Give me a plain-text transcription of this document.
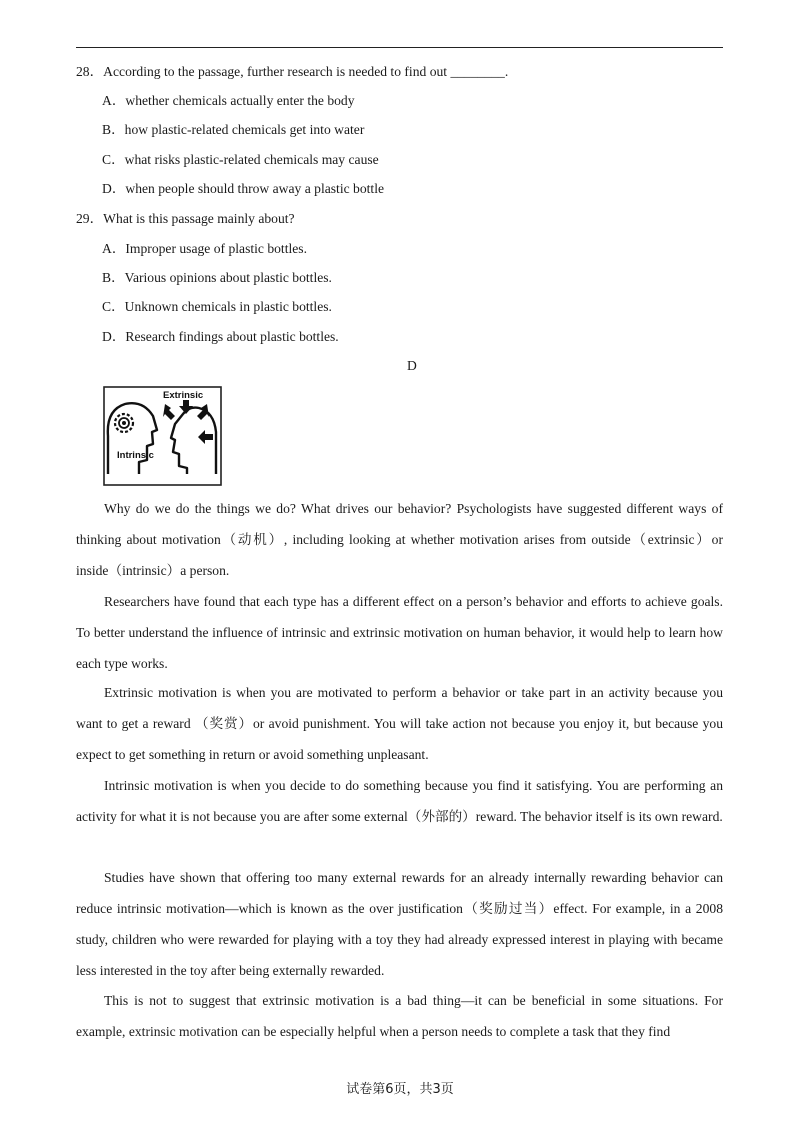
28．According to the passage, further research is needed to find out ________.
A．whether chemicals actually enter the body
B．how plastic-related chemicals get into water
C．what risks plastic-related chemicals may cause
D．when people should throw away a plastic bottle
29．What is this passage mainly about?
A．Improper usage of plastic bottles.
B．Various opinions about plastic bottles.
C．Unknown chemicals in plastic bottles.
D．Research findings about plastic bottles.
D
Extrinsic
Intrinsic

Why do we do the things we do? What drives our behavior? Psychologists have suggested different ways of thinking about motivation（动机）, including looking at whether motivation arises from outside（extrinsic）or inside（intrinsic）a person.

Researchers have found that each type has a different effect on a person’s behavior and efforts to achieve goals. To better understand the influence of intrinsic and extrinsic motivation on human behavior, it would help to learn how each type works.

Extrinsic motivation is when you are motivated to perform a behavior or take part in an activity because you want to get a reward （奖赏）or avoid punishment. You will take action not because you enjoy it, but because you expect to get something in return or avoid something unpleasant.

Intrinsic motivation is when you decide to do something because you find it satisfying. You are performing an activity for what it is not because you are after some external（外部的）reward. The behavior itself is its own reward.

Studies have shown that offering too many external rewards for an already internally rewarding behavior can reduce intrinsic motivation—which is known as the over justification（奖励过当）effect. For example, in a 2008 study, children who were rewarded for playing with a toy they had already expressed interest in playing with became less interested in the toy after being externally rewarded.

This is not to suggest that extrinsic motivation is a bad thing—it can be beneficial in some situations. For example, extrinsic motivation can be especially helpful when a person needs to complete a task that they find

试卷第6页，共3页
